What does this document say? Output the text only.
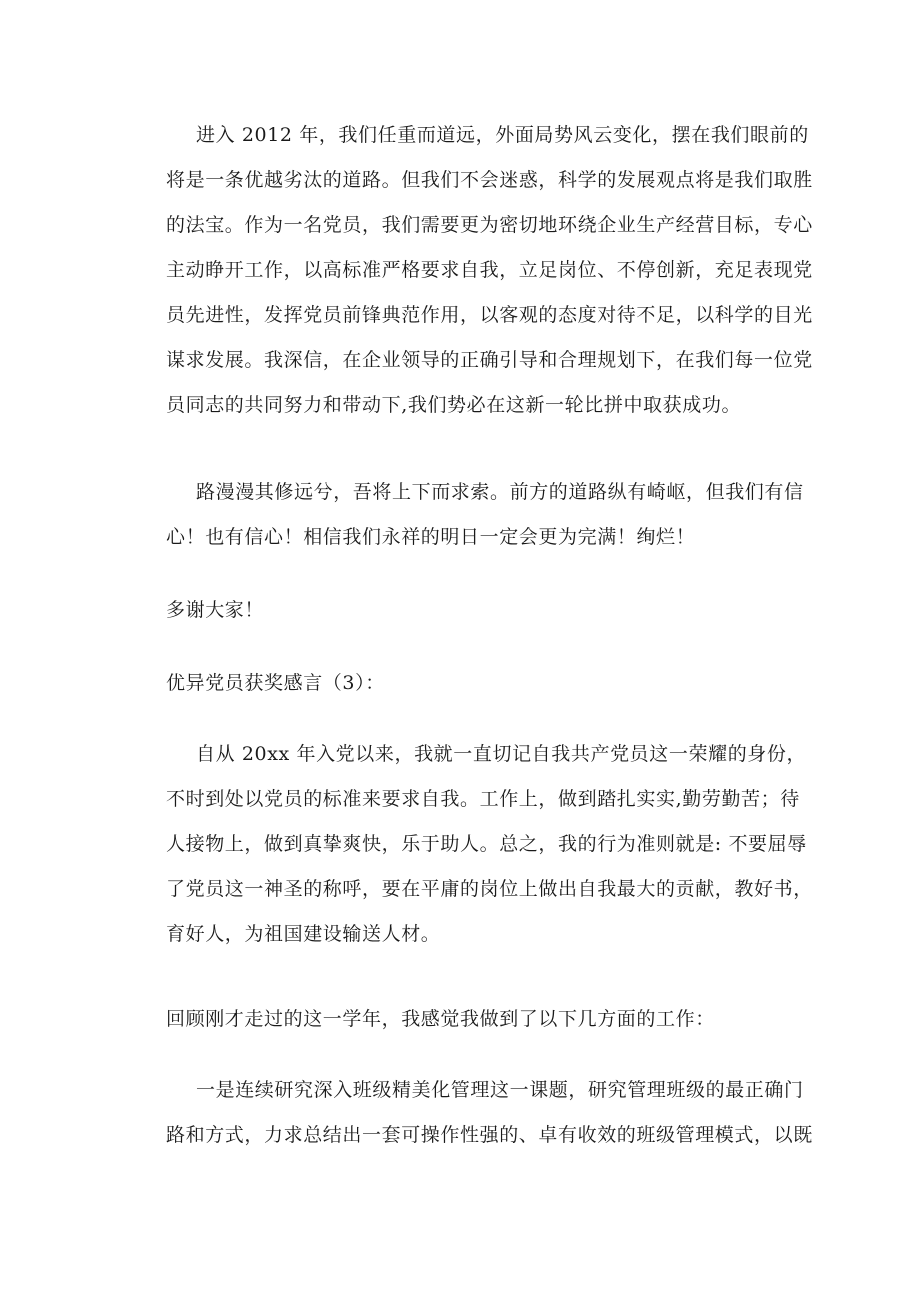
进入 2012 年，我们任重而道远，外面局势风云变化，摆在我们眼前的
将是一条优越劣汰的道路。但我们不会迷惑，科学的发展观点将是我们取胜
的法宝。作为一名党员，我们需要更为密切地环绕企业生产经营目标，专心
主动睁开工作，以高标准严格要求自我，立足岗位、不停创新，充足表现党
员先进性，发挥党员前锋典范作用，以客观的态度对待不足，以科学的目光
谋求发展。我深信，在企业领导的正确引导和合理规划下，在我们每一位党
员同志的共同努力和带动下,我们势必在这新一轮比拼中取获成功。
路漫漫其修远兮，吾将上下而求索。前方的道路纵有崎岖，但我们有信
心！也有信心！相信我们永祥的明日一定会更为完满！绚烂！

多谢大家！

优异党员获奖感言（3）：

自从 20xx 年入党以来，我就一直切记自我共产党员这一荣耀的身份，
不时到处以党员的标准来要求自我。工作上，做到踏扎实实,勤劳勤苦；待
人接物上，做到真挚爽快，乐于助人。总之，我的行为准则就是: 不要屈辱
了党员这一神圣的称呼，要在平庸的岗位上做出自我最大的贡献，教好书，
育好人，为祖国建设输送人材。

回顾刚才走过的这一学年，我感觉我做到了以下几方面的工作：

一是连续研究深入班级精美化管理这一课题，研究管理班级的最正确门
路和方式，力求总结出一套可操作性强的、卓有收效的班级管理模式，以既
